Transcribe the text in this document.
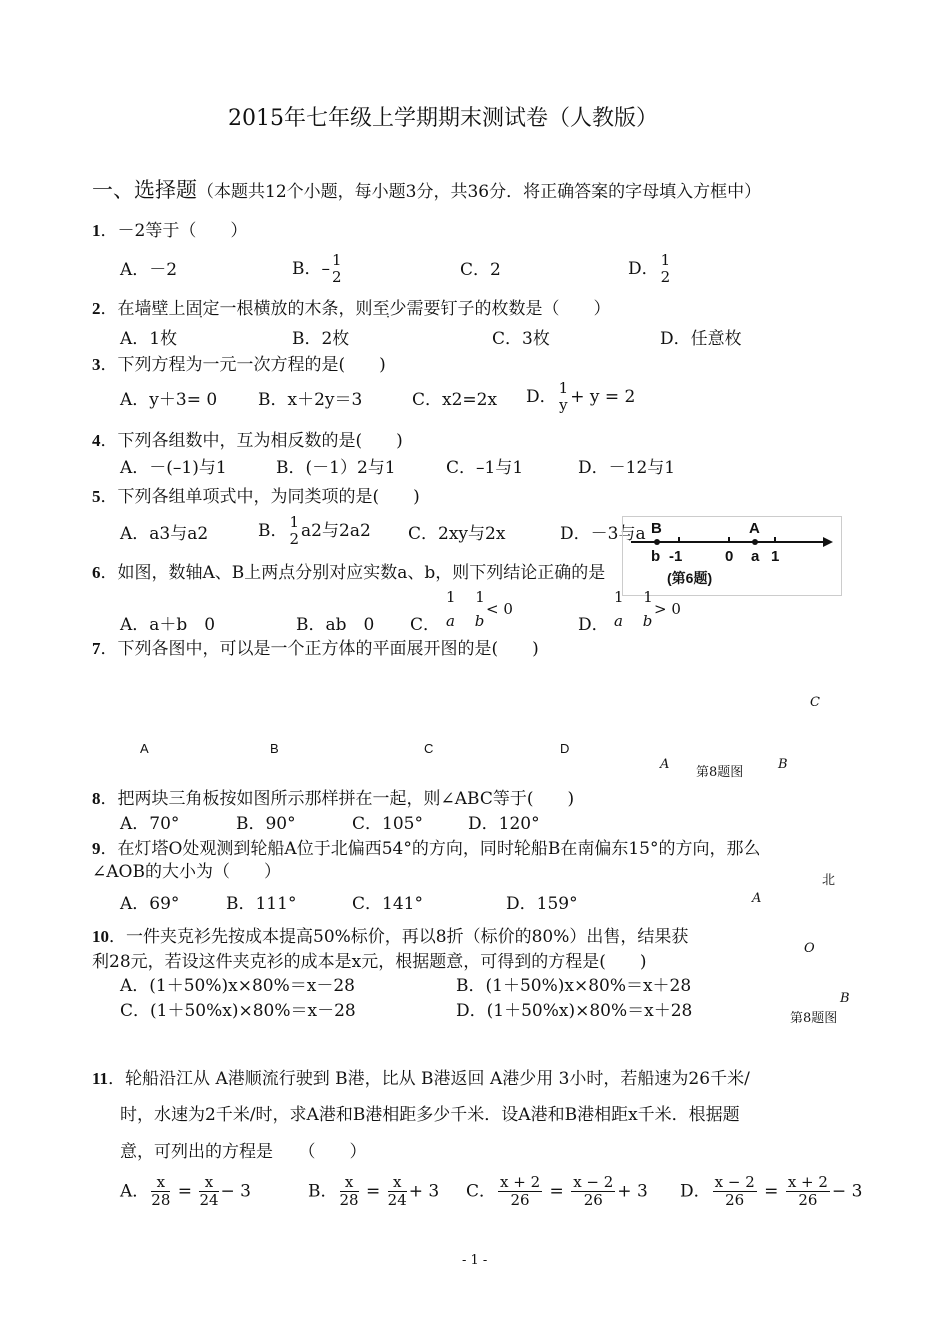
2015年七年级上学期期末测试卷（人教版）
一、选择题（本题共12个小题，每小题3分，共36分．将正确答案的字母填入方框中）
1．－2等于（　　）
A．－2	B．– 1
2	C．2	D． 1
2
2．在墙壁上固定一根横放的木条，则至少需要钉子的枚数是（　　）
A．1枚	B．2枚	C．3枚	D．任意枚
3．下列方程为一元一次方程的是(　　)
A．y＋3= 0 B．x＋2y＝3	C．x2=2x D． 1
y + y = 2
4．下列各组数中，互为相反数的是(　　)
A．－(–1)与1	B．(－1）2与1	C．–1与1	D．－12与1
5．下列各组单项式中，为同类项的是(　　)
A．a3与a2	B． 1
2 a2与2a2 C．2xy与2x	D．－3与a B	A
b -1	0 a 1
(第6题)
6．如图，数轴A、B上两点分别对应实数a、b，则下列结论正确的是
A．a＋b　0	B．ab　0 C．
1　 1
a　 b
< 0
D．
1　 1
a　 b
> 0
7．下列各图中，可以是一个正方体的平面展开图的是(　　)
A	B	C	D
C
A
第8题图
B
8．把两块三角板按如图所示那样拼在一起，则∠ABC等于(　　)
A．70°	B．90°	C．105°	D．120°
9．在灯塔O处观测到轮船A位于北偏西54°的方向，同时轮船B在南偏东15°的方向，那么
∠AOB的大小为（　　）	北
A．69°	B．111°	C．141°	D．159°	A
O
B
第8题图
10．一件夹克衫先按成本提高50%标价，再以8折（标价的80%）出售，结果获
利28元，若设这件夹克衫的成本是x元，根据题意，可得到的方程是(　　)
A．(1＋50%)x×80%＝x－28	B．(1＋50%)x×80%＝x＋28
C．(1＋50%x)×80%＝x－28	D．(1＋50%x)×80%＝x＋28
11．轮船沿江从 A港顺流行驶到 B港，比从 B港返回 A港少用 3小时，若船速为26千米/
时，水速为2千米/时，求A港和B港相距多少千米．设A港和B港相距x千米．根据题
意，可列出的方程是　　（　　）
A． $\frac{x}{28} = \frac{x}{24} - 3$	B． $\frac{x}{28} = \frac{x}{24} + 3$ C． $\frac{x + 2}{26} = \frac{x - 2}{26} + 3$ D． $\frac{x - 2}{26} = \frac{x + 2}{26} - 3$
- 1 -
